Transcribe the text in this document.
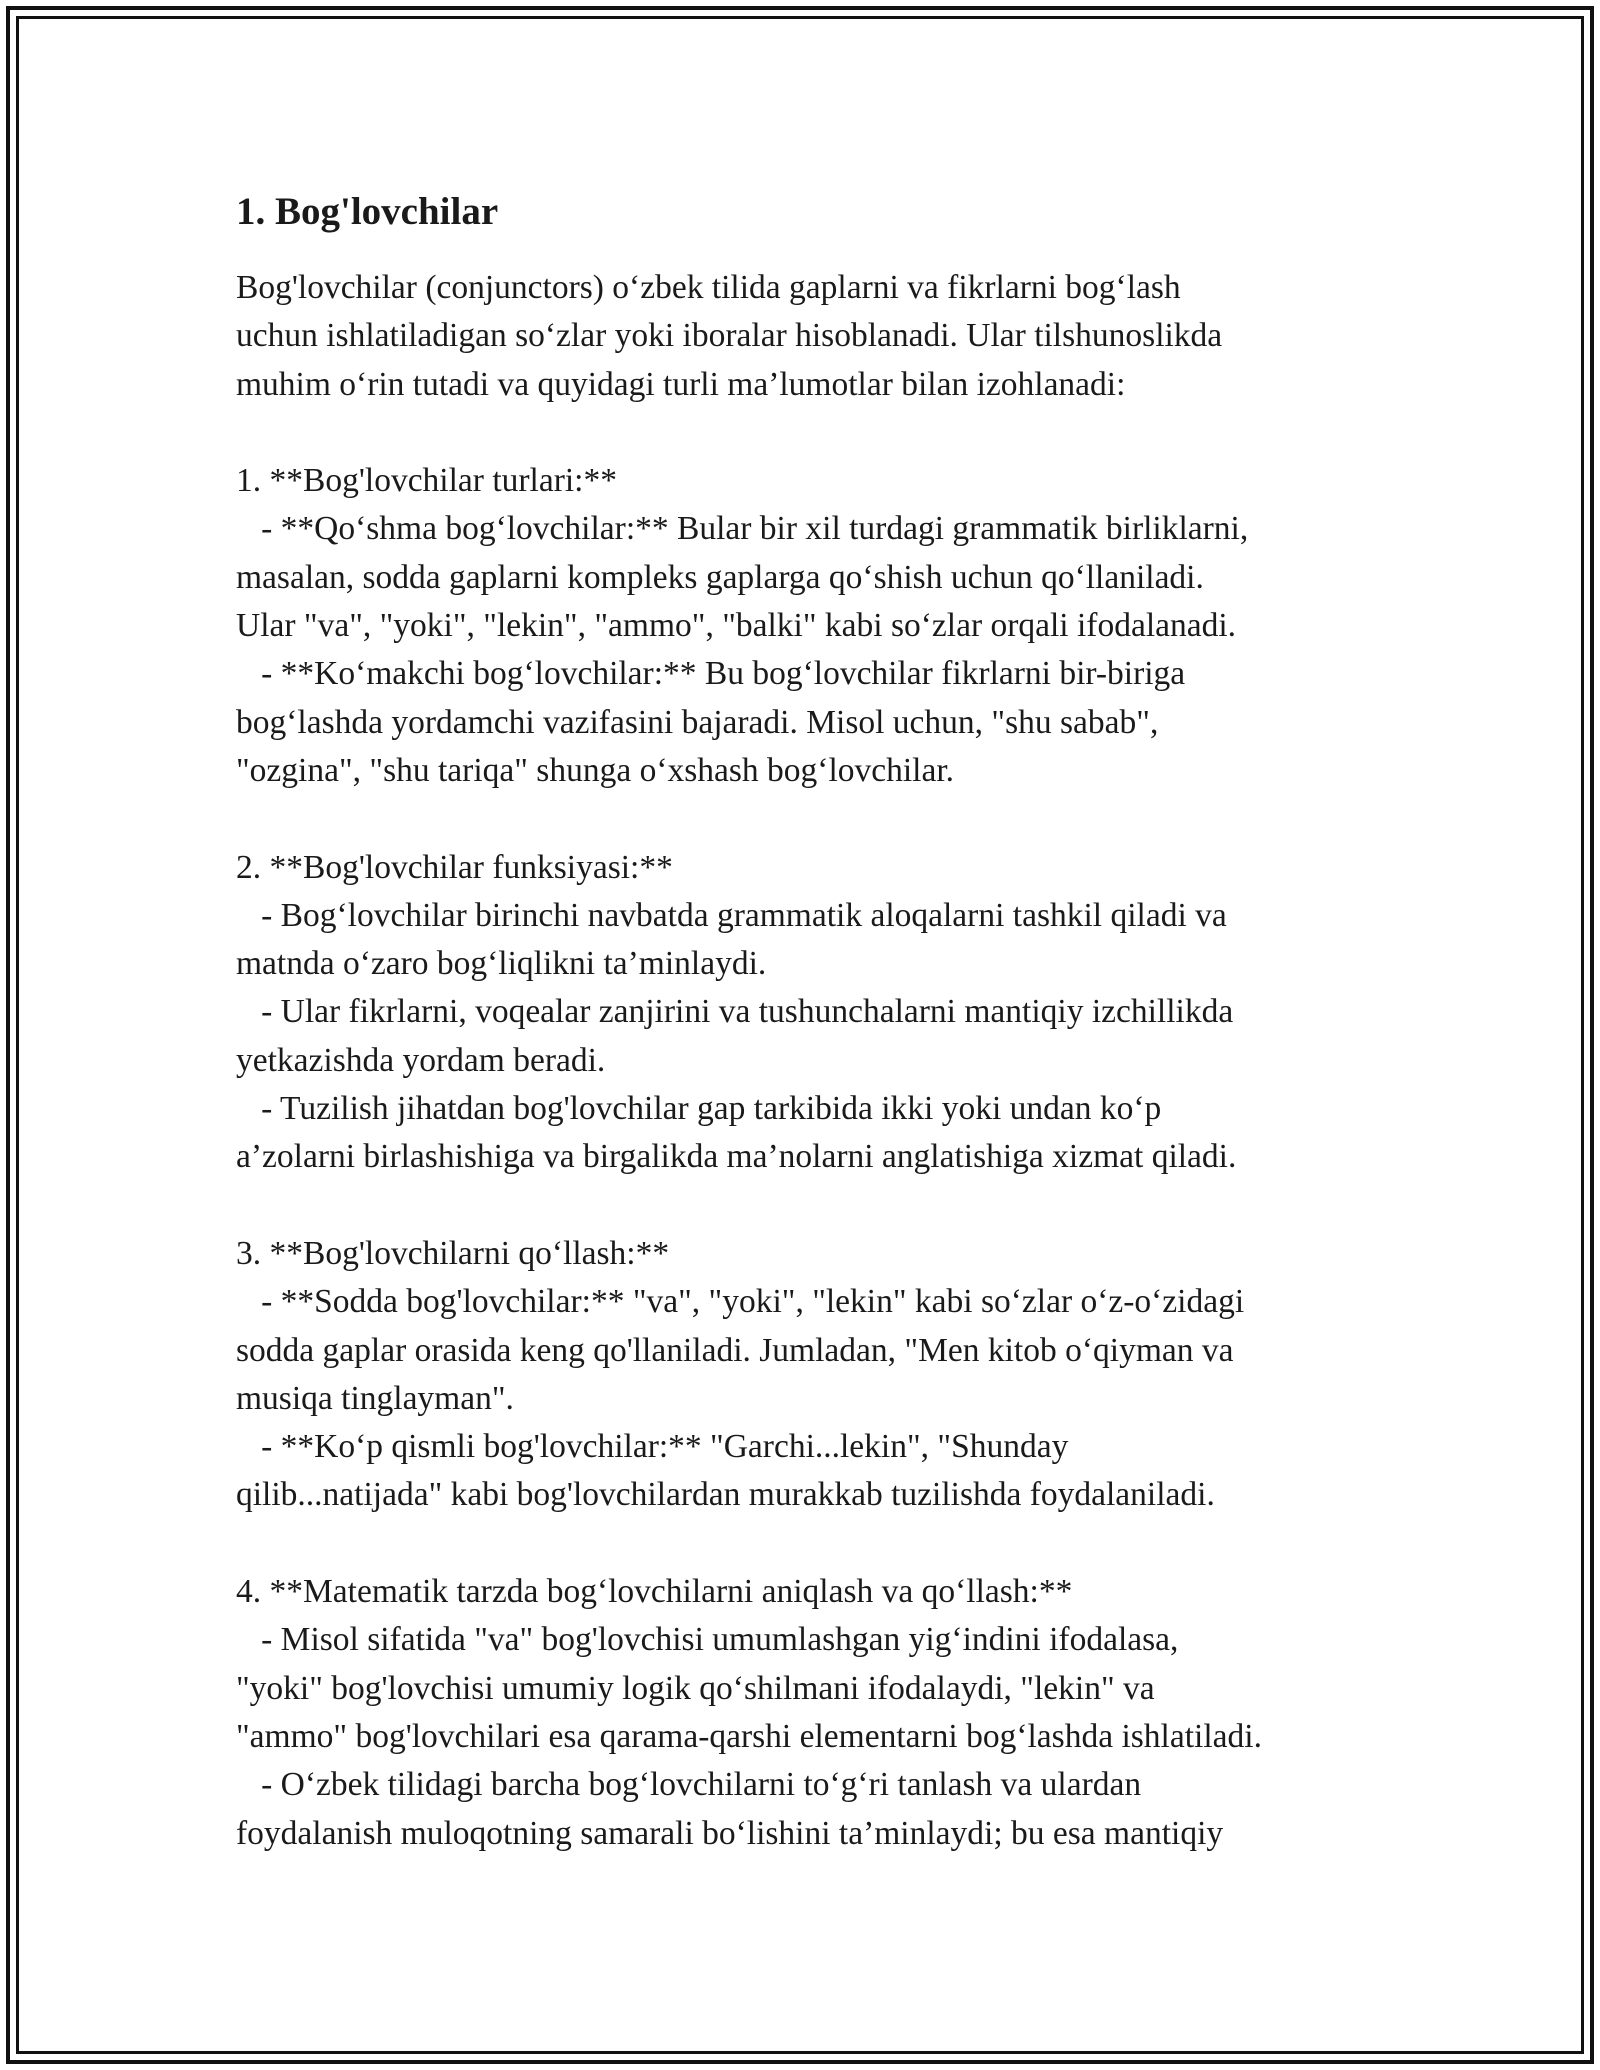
1. Bog'lovchilar
Bog'lovchilar (conjunctors) o‘zbek tilida gaplarni va fikrlarni bog‘lash
uchun ishlatiladigan so‘zlar yoki iboralar hisoblanadi. Ular tilshunoslikda
muhim o‘rin tutadi va quyidagi turli ma’lumotlar bilan izohlanadi:
1. **Bog'lovchilar turlari:**
- **Qo‘shma bog‘lovchilar:** Bular bir xil turdagi grammatik birliklarni,
masalan, sodda gaplarni kompleks gaplarga qo‘shish uchun qo‘llaniladi.
Ular "va", "yoki", "lekin", "ammo", "balki" kabi so‘zlar orqali ifodalanadi.
- **Ko‘makchi bog‘lovchilar:** Bu bog‘lovchilar fikrlarni bir-biriga
bog‘lashda yordamchi vazifasini bajaradi. Misol uchun, "shu sabab",
"ozgina", "shu tariqa" shunga o‘xshash bog‘lovchilar.
2. **Bog'lovchilar funksiyasi:**
- Bog‘lovchilar birinchi navbatda grammatik aloqalarni tashkil qiladi va
matnda o‘zaro bog‘liqlikni ta’minlaydi.
- Ular fikrlarni, voqealar zanjirini va tushunchalarni mantiqiy izchillikda
yetkazishda yordam beradi.
- Tuzilish jihatdan bog'lovchilar gap tarkibida ikki yoki undan ko‘p
a’zolarni birlashishiga va birgalikda ma’nolarni anglatishiga xizmat qiladi.
3. **Bog'lovchilarni qo‘llash:**
- **Sodda bog'lovchilar:** "va", "yoki", "lekin" kabi so‘zlar o‘z-o‘zidagi
sodda gaplar orasida keng qo'llaniladi. Jumladan, "Men kitob o‘qiyman va
musiqa tinglayman".
- **Ko‘p qismli bog'lovchilar:** "Garchi...lekin", "Shunday
qilib...natijada" kabi bog'lovchilardan murakkab tuzilishda foydalaniladi.
4. **Matematik tarzda bog‘lovchilarni aniqlash va qo‘llash:**
- Misol sifatida "va" bog'lovchisi umumlashgan yig‘indini ifodalasa,
"yoki" bog'lovchisi umumiy logik qo‘shilmani ifodalaydi, "lekin" va
"ammo" bog'lovchilari esa qarama-qarshi elementarni bog‘lashda ishlatiladi.
- O‘zbek tilidagi barcha bog‘lovchilarni to‘g‘ri tanlash va ulardan
foydalanish muloqotning samarali bo‘lishini ta’minlaydi; bu esa mantiqiy
